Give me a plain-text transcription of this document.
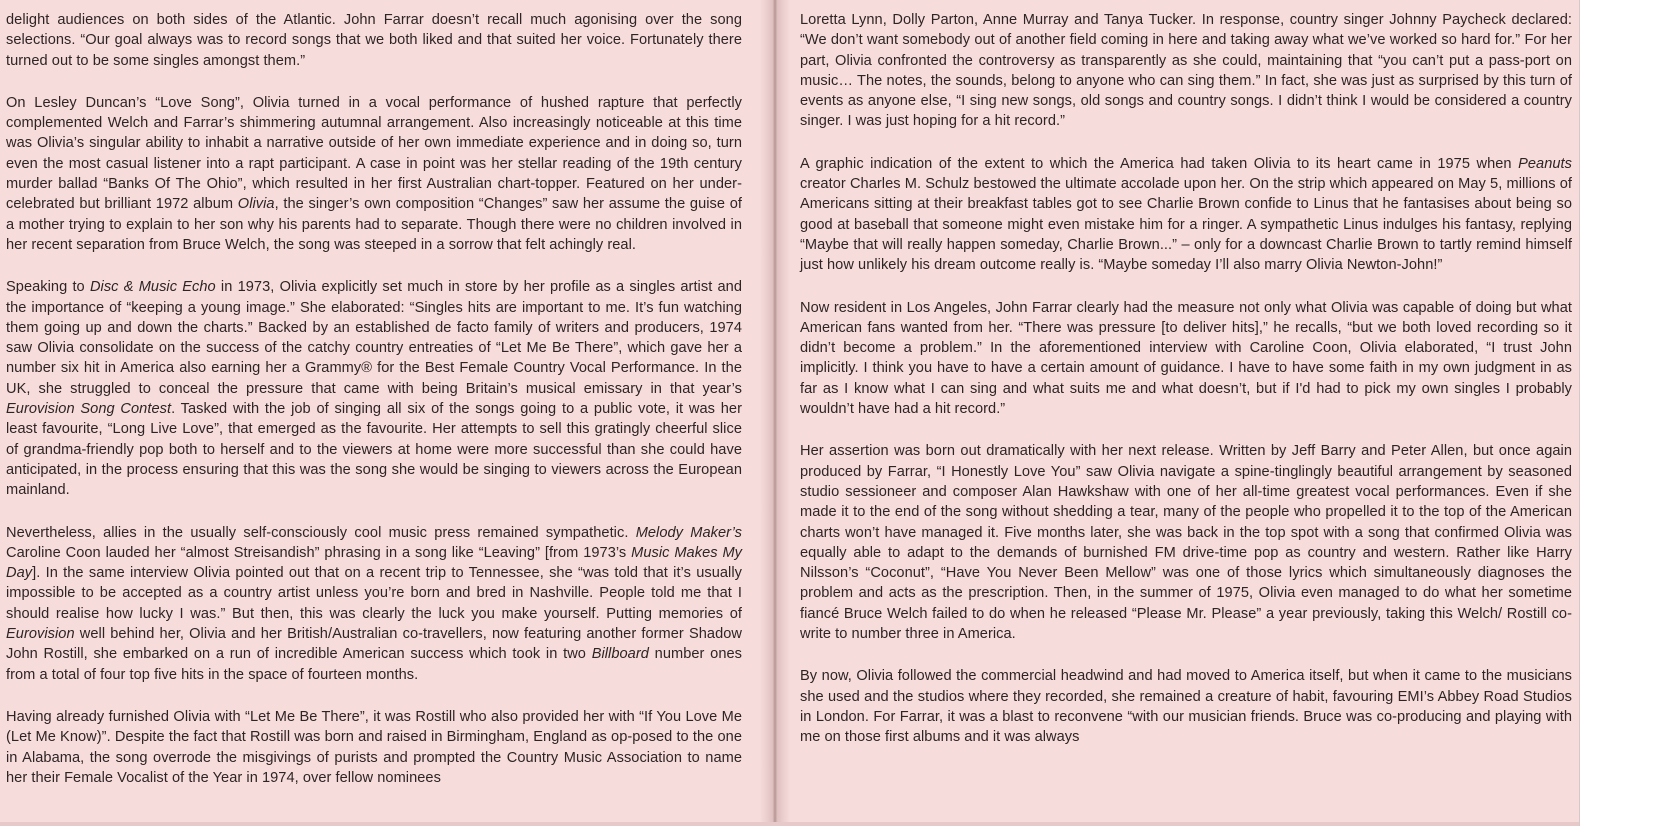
delight audiences on both sides of the Atlantic. John Farrar doesn’t recall much agonising over the song selections. “Our goal always was to record songs that we both liked and that suited her voice. Fortunately there turned out to be some singles amongst them.”

On Lesley Duncan’s “Love Song”, Olivia turned in a vocal performance of hushed rapture that perfectly complemented Welch and Farrar’s shimmering autumnal arrangement. Also increasingly noticeable at this time was Olivia’s singular ability to inhabit a narrative outside of her own immediate experience and in doing so, turn even the most casual listener into a rapt participant. A case in point was her stellar reading of the 19th century murder ballad “Banks Of The Ohio”, which resulted in her first Australian chart-topper. Featured on her under-celebrated but brilliant 1972 album Olivia, the singer’s own composition “Changes” saw her assume the guise of a mother trying to explain to her son why his parents had to separate. Though there were no children involved in her recent separation from Bruce Welch, the song was steeped in a sorrow that felt achingly real.

Speaking to Disc & Music Echo in 1973, Olivia explicitly set much in store by her profile as a singles artist and the importance of “keeping a young image.” She elaborated: “Singles hits are important to me. It’s fun watching them going up and down the charts.” Backed by an established de facto family of writers and producers, 1974 saw Olivia consolidate on the success of the catchy country entreaties of “Let Me Be There”, which gave her a number six hit in America also earning her a Grammy® for the Best Female Country Vocal Performance. In the UK, she struggled to conceal the pressure that came with being Britain’s musical emissary in that year’s Eurovision Song Contest. Tasked with the job of singing all six of the songs going to a public vote, it was her least favourite, “Long Live Love”, that emerged as the favourite. Her attempts to sell this gratingly cheerful slice of grandma-friendly pop both to herself and to the viewers at home were more successful than she could have anticipated, in the process ensuring that this was the song she would be singing to viewers across the European mainland.

Nevertheless, allies in the usually self-consciously cool music press remained sympathetic. Melody Maker’s Caroline Coon lauded her “almost Streisandish” phrasing in a song like “Leaving” [from 1973’s Music Makes My Day]. In the same interview Olivia pointed out that on a recent trip to Tennessee, she “was told that it’s usually impossible to be accepted as a country artist unless you’re born and bred in Nashville. People told me that I should realise how lucky I was.” But then, this was clearly the luck you make yourself. Putting memories of Eurovision well behind her, Olivia and her British/Australian co-travellers, now featuring another former Shadow John Rostill, she embarked on a run of incredible American success which took in two Billboard number ones from a total of four top five hits in the space of fourteen months.

Having already furnished Olivia with “Let Me Be There”, it was Rostill who also provided her with “If You Love Me (Let Me Know)”. Despite the fact that Rostill was born and raised in Birmingham, England as op-posed to the one in Alabama, the song overrode the misgivings of purists and prompted the Country Music Association to name her their Female Vocalist of the Year in 1974, over fellow nominees

Loretta Lynn, Dolly Parton, Anne Murray and Tanya Tucker. In response, country singer Johnny Paycheck declared: “We don’t want somebody out of another field coming in here and taking away what we’ve worked so hard for.” For her part, Olivia confronted the controversy as transparently as she could, maintaining that “you can’t put a pass-port on music… The notes, the sounds, belong to anyone who can sing them.” In fact, she was just as surprised by this turn of events as anyone else, “I sing new songs, old songs and country songs. I didn’t think I would be considered a country singer. I was just hoping for a hit record.”

A graphic indication of the extent to which the America had taken Olivia to its heart came in 1975 when Peanuts creator Charles M. Schulz bestowed the ultimate accolade upon her. On the strip which appeared on May 5, millions of Americans sitting at their breakfast tables got to see Charlie Brown confide to Linus that he fantasises about being so good at baseball that someone might even mistake him for a ringer. A sympathetic Linus indulges his fantasy, replying “Maybe that will really happen someday, Charlie Brown...” – only for a downcast Charlie Brown to tartly remind himself just how unlikely his dream outcome really is. “Maybe someday I’ll also marry Olivia Newton-John!”

Now resident in Los Angeles, John Farrar clearly had the measure not only what Olivia was capable of doing but what American fans wanted from her. “There was pressure [to deliver hits],” he recalls, “but we both loved recording so it didn’t become a problem.” In the aforementioned interview with Caroline Coon, Olivia elaborated, “I trust John implicitly. I think you have to have a certain amount of guidance. I have to have some faith in my own judgment in as far as I know what I can sing and what suits me and what doesn’t, but if I'd had to pick my own singles I probably wouldn’t have had a hit record.”

Her assertion was born out dramatically with her next release. Written by Jeff Barry and Peter Allen, but once again produced by Farrar, “I Honestly Love You” saw Olivia navigate a spine-tinglingly beautiful arrangement by seasoned studio sessioneer and composer Alan Hawkshaw with one of her all-time greatest vocal performances. Even if she made it to the end of the song without shedding a tear, many of the people who propelled it to the top of the American charts won’t have managed it. Five months later, she was back in the top spot with a song that confirmed Olivia was equally able to adapt to the demands of burnished FM drive-time pop as country and western. Rather like Harry Nilsson’s “Coconut”, “Have You Never Been Mellow” was one of those lyrics which simultaneously diagnoses the problem and acts as the prescription. Then, in the summer of 1975, Olivia even managed to do what her sometime fiancé Bruce Welch failed to do when he released “Please Mr. Please” a year previously, taking this Welch/ Rostill co-write to number three in America.

By now, Olivia followed the commercial headwind and had moved to America itself, but when it came to the musicians she used and the studios where they recorded, she remained a creature of habit, favouring EMI’s Abbey Road Studios in London. For Farrar, it was a blast to reconvene “with our musician friends. Bruce was co-producing and playing with me on those first albums and it was always
